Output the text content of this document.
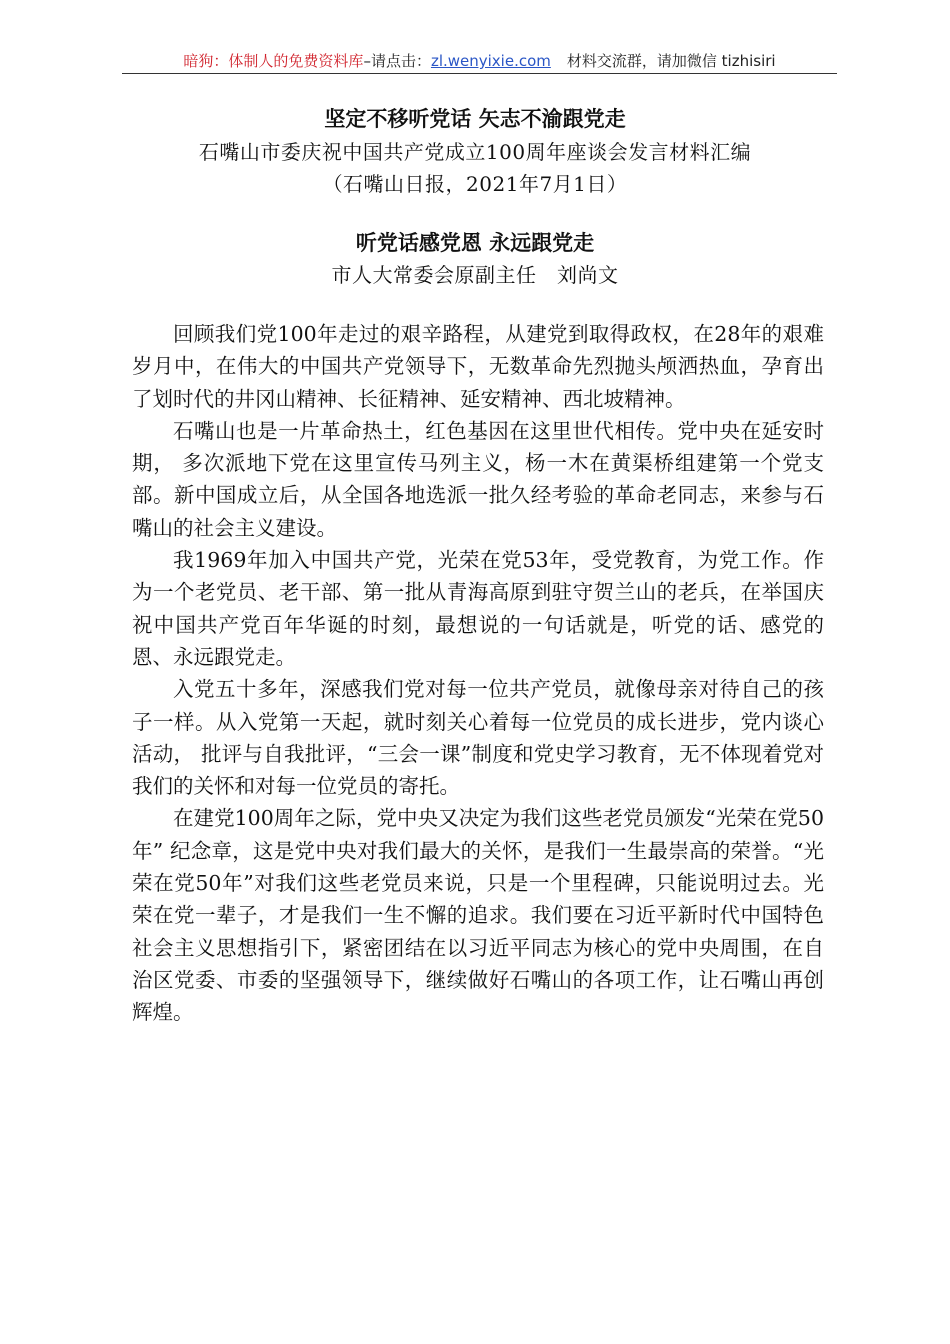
暗狗：体制人的免费资料库–请点击：zl.wenyixie.com 材料交流群，请加微信 tizhisiri
坚定不移听党话 矢志不渝跟党走
石嘴山市委庆祝中国共产党成立100周年座谈会发言材料汇编
（石嘴山日报，2021年7月1日）
听党话感党恩 永远跟党走
市人大常委会原副主任　刘尚文

回顾我们党100年走过的艰辛路程，从建党到取得政权，在28年的艰难岁月中，在伟大的中国共产党领导下，无数革命先烈抛头颅洒热血，孕育出了划时代的井冈山精神、长征精神、延安精神、西北坡精神。

石嘴山也是一片革命热土，红色基因在这里世代相传。党中央在延安时期， 多次派地下党在这里宣传马列主义，杨一木在黄渠桥组建第一个党支部。新中国成立后，从全国各地选派一批久经考验的革命老同志，来参与石嘴山的社会主义建设。

我1969年加入中国共产党，光荣在党53年，受党教育，为党工作。作为一个老党员、老干部、第一批从青海高原到驻守贺兰山的老兵，在举国庆祝中国共产党百年华诞的时刻，最想说的一句话就是，听党的话、感党的恩、永远跟党走。

入党五十多年，深感我们党对每一位共产党员，就像母亲对待自己的孩子一样。从入党第一天起，就时刻关心着每一位党员的成长进步，党内谈心活动， 批评与自我批评，“三会一课”制度和党史学习教育，无不体现着党对我们的关怀和对每一位党员的寄托。

在建党100周年之际，党中央又决定为我们这些老党员颁发“光荣在党50年” 纪念章，这是党中央对我们最大的关怀，是我们一生最崇高的荣誉。“光荣在党50年”对我们这些老党员来说，只是一个里程碑，只能说明过去。光荣在党一辈子，才是我们一生不懈的追求。我们要在习近平新时代中国特色社会主义思想指引下，紧密团结在以习近平同志为核心的党中央周围，在自治区党委、市委的坚强领导下，继续做好石嘴山的各项工作，让石嘴山再创辉煌。
